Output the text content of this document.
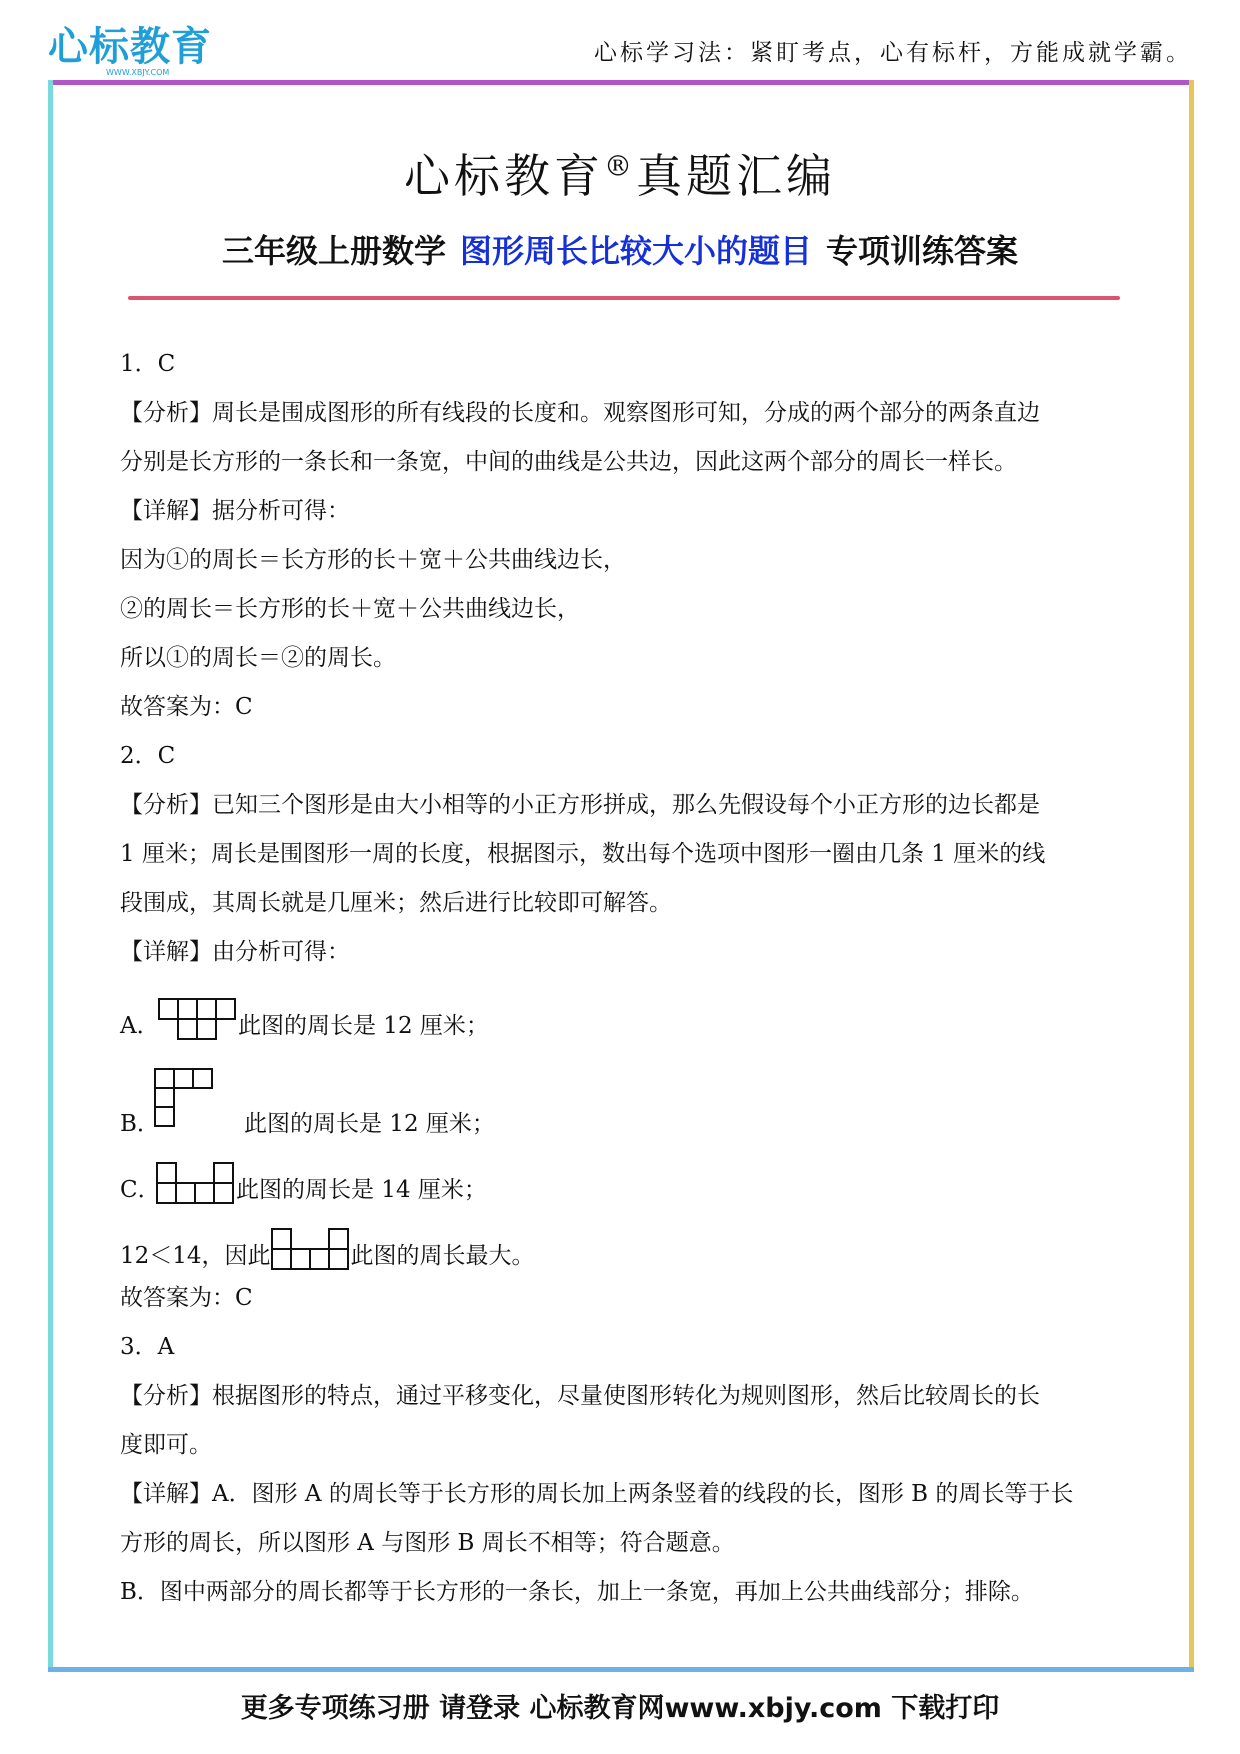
心标教育
WWW.XBJY.COM
心标学习法：紧盯考点，心有标杆，方能成就学霸。
心标教育®真题汇编
三年级上册数学 图形周长比较大小的题目 专项训练答案
1．C
【分析】周长是围成图形的所有线段的长度和。观察图形可知，分成的两个部分的两条直边
分别是长方形的一条长和一条宽，中间的曲线是公共边，因此这两个部分的周长一样长。
【详解】据分析可得：
因为①的周长＝长方形的长＋宽＋公共曲线边长，
②的周长＝长方形的长＋宽＋公共曲线边长，
所以①的周长＝②的周长。
故答案为：C
2．C
【分析】已知三个图形是由大小相等的小正方形拼成，那么先假设每个小正方形的边长都是
1 厘米；周长是围图形一周的长度，根据图示，数出每个选项中图形一圈由几条 1 厘米的线
段围成，其周长就是几厘米；然后进行比较即可解答。
【详解】由分析可得：
A．	此图的周长是 12 厘米；
B．	此图的周长是 12 厘米；
C．	此图的周长是 14 厘米；
12＜14，因此	此图的周长最大。
故答案为：C
3．A
【分析】根据图形的特点，通过平移变化，尽量使图形转化为规则图形，然后比较周长的长
度即可。
【详解】A．图形 A 的周长等于长方形的周长加上两条竖着的线段的长，图形 B 的周长等于长
方形的周长，所以图形 A 与图形 B 周长不相等；符合题意。
B．图中两部分的周长都等于长方形的一条长，加上一条宽，再加上公共曲线部分；排除。
更多专项练习册 请登录 心标教育网www.xbjy.com 下载打印
